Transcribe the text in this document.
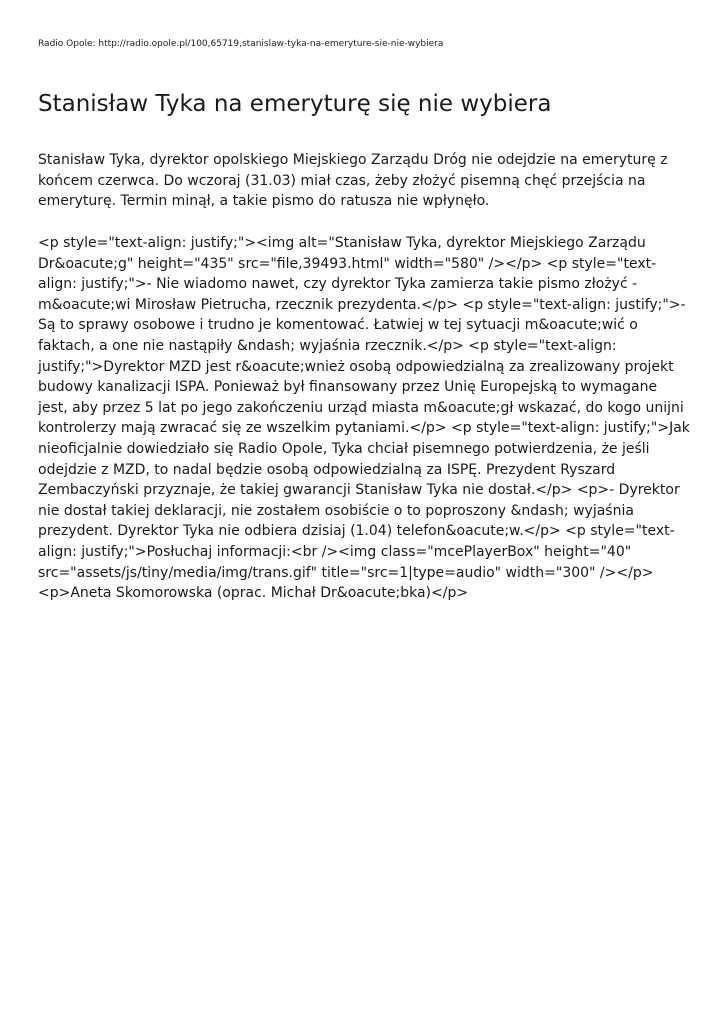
Radio Opole: http://radio.opole.pl/100,65719,stanislaw-tyka-na-emeryture-sie-nie-wybiera
Stanisław Tyka na emeryturę się nie wybiera

Stanisław Tyka, dyrektor opolskiego Miejskiego Zarządu Dróg nie odejdzie na emeryturę z końcem czerwca. Do wczoraj (31.03) miał czas, żeby złożyć pisemną chęć przejścia na emeryturę. Termin minął, a takie pismo do ratusza nie wpłynęło.

<p style="text-align: justify;"><img alt="Stanisław Tyka, dyrektor Miejskiego Zarządu Dr&oacute;g" height="435" src="file,39493.html" width="580" /></p> <p style="text-align: justify;">- Nie wiadomo nawet, czy dyrektor Tyka zamierza takie pismo złożyć - m&oacute;wi Mirosław Pietrucha, rzecznik prezydenta.</p> <p style="text-align: justify;">- Są to sprawy osobowe i trudno je komentować. Łatwiej w tej sytuacji m&oacute;wić o faktach, a one nie nastąpiły &ndash; wyjaśnia rzecznik.</p> <p style="text-align: justify;">Dyrektor MZD jest r&oacute;wnież osobą odpowiedzialną za zrealizowany projekt budowy kanalizacji ISPA. Ponieważ był finansowany przez Unię Europejską to wymagane jest, aby przez 5 lat po jego zakończeniu urząd miasta m&oacute;gł wskazać, do kogo unijni kontrolerzy mają zwracać się ze wszelkim pytaniami.</p> <p style="text-align: justify;">Jak nieoficjalnie dowiedziało się Radio Opole, Tyka chciał pisemnego potwierdzenia, że jeśli odejdzie z MZD, to nadal będzie osobą odpowiedzialną za ISPĘ. Prezydent Ryszard Zembaczyński przyznaje, że takiej gwarancji Stanisław Tyka nie dostał.</p> <p>- Dyrektor nie dostał takiej deklaracji, nie zostałem osobiście o to poproszony &ndash; wyjaśnia prezydent. Dyrektor Tyka nie odbiera dzisiaj (1.04) telefon&oacute;w.</p> <p style="text-align: justify;">Posłuchaj informacji:<br /><img class="mcePlayerBox" height="40" src="assets/js/tiny/media/img/trans.gif" title="src=1|type=audio" width="300" /></p> <p>Aneta Skomorowska (oprac. Michał Dr&oacute;bka)</p>
